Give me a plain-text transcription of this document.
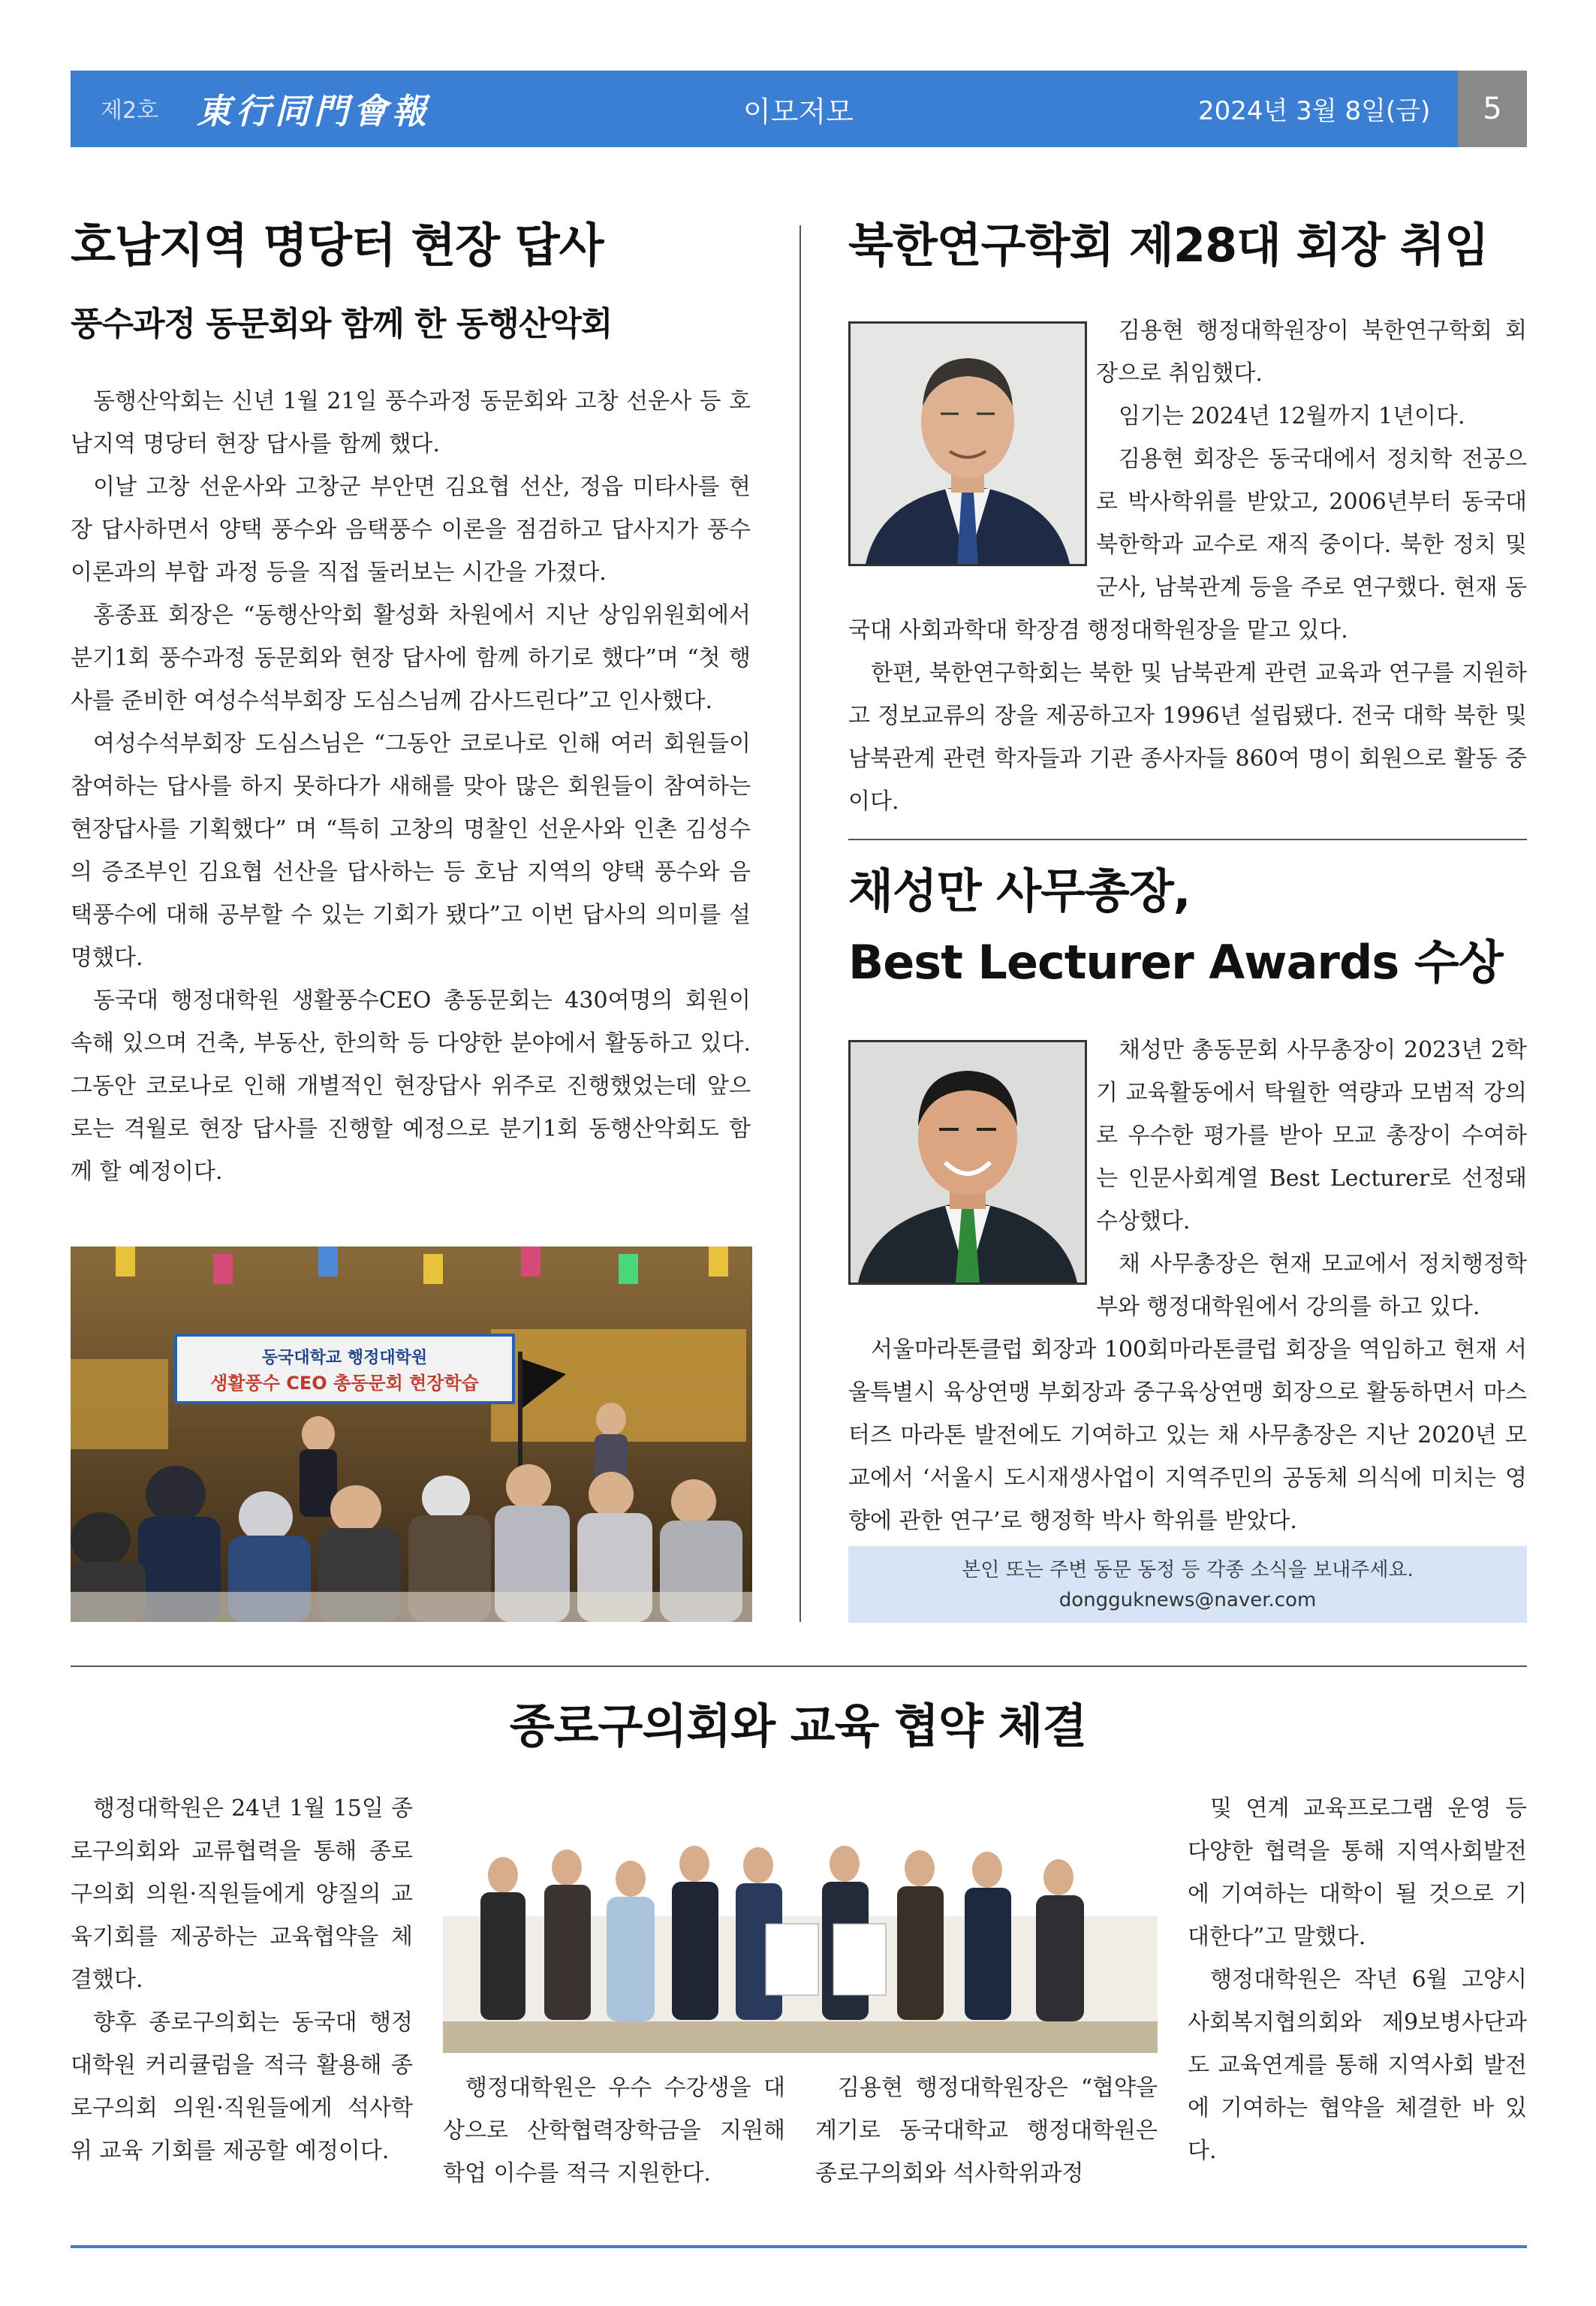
제2호 東行同門會報	이모저모	2024년 3월 8일(금)	5
호남지역 명당터 현장 답사
풍수과정 동문회와 함께 한 동행산악회

동행산악회는 신년 1월 21일 풍수과정 동문회와 고창 선운사 등 호남지역 명당터 현장 답사를 함께 했다.

이날 고창 선운사와 고창군 부안면 김요협 선산, 정읍 미타사를 현장 답사하면서 양택 풍수와 음택풍수 이론을 점검하고 답사지가 풍수이론과의 부합 과정 등을 직접 둘러보는 시간을 가졌다.

홍종표 회장은 “동행산악회 활성화 차원에서 지난 상임위원회에서 분기1회 풍수과정 동문회와 현장 답사에 함께 하기로 했다”며 “첫 행사를 준비한 여성수석부회장 도심스님께 감사드린다”고 인사했다.

여성수석부회장 도심스님은 “그동안 코로나로 인해 여러 회원들이 참여하는 답사를 하지 못하다가 새해를 맞아 많은 회원들이 참여하는 현장답사를 기획했다” 며 “특히 고창의 명찰인 선운사와 인촌 김성수의 증조부인 김요협 선산을 답사하는 등 호남 지역의 양택 풍수와 음택풍수에 대해 공부할 수 있는 기회가 됐다”고 이번 답사의 의미를 설명했다.

동국대 행정대학원 생활풍수CEO 총동문회는 430여명의 회원이 속해 있으며 건축, 부동산, 한의학 등 다양한 분야에서 활동하고 있다. 그동안 코로나로 인해 개별적인 현장답사 위주로 진행했었는데 앞으로는 격월로 현장 답사를 진행할 예정으로 분기1회 동행산악회도 함께 할 예정이다.

동국대학교 행정대학원
생활풍수 CEO 총동문회 현장학습
북한연구학회 제28대 회장 취임

김용현 행정대학원장이 북한연구학회 회장으로 취임했다.

임기는 2024년 12월까지 1년이다.

김용현 회장은 동국대에서 정치학 전공으로 박사학위를 받았고, 2006년부터 동국대 북한학과 교수로 재직 중이다. 북한 정치 및 군사, 남북관계 등을 주로 연구했다. 현재 동국대 사회과학대 학장겸 행정대학원장을 맡고 있다.

한편, 북한연구학회는 북한 및 남북관계 관련 교육과 연구를 지원하고 정보교류의 장을 제공하고자 1996년 설립됐다. 전국 대학 북한 및 남북관계 관련 학자들과 기관 종사자들 860여 명이 회원으로 활동 중이다.

채성만 사무총장,
Best Lecturer Awards 수상

채성만 총동문회 사무총장이 2023년 2학기 교육활동에서 탁월한 역량과 모범적 강의로 우수한 평가를 받아 모교 총장이 수여하는 인문사회계열 Best Lecturer로 선정돼 수상했다.

채 사무총장은 현재 모교에서 정치행정학부와 행정대학원에서 강의를 하고 있다.

서울마라톤클럽 회장과 100회마라톤클럽 회장을 역임하고 현재 서울특별시 육상연맹 부회장과 중구육상연맹 회장으로 활동하면서 마스터즈 마라톤 발전에도 기여하고 있는 채 사무총장은 지난 2020년 모교에서 ‘서울시 도시재생사업이 지역주민의 공동체 의식에 미치는 영향에 관한 연구’로 행정학 박사 학위를 받았다.

본인 또는 주변 동문 동정 등 각종 소식을 보내주세요.
dongguknews@naver.com
종로구의회와 교육 협약 체결

행정대학원은 24년 1월 15일 종로구의회와 교류협력을 통해 종로구의회 의원·직원들에게 양질의 교육기회를 제공하는 교육협약을 체결했다.

향후 종로구의회는 동국대 행정대학원 커리큘럼을 적극 활용해 종로구의회 의원·직원들에게 석사학위 교육 기회를 제공할 예정이다.

행정대학원은 우수 수강생을 대상으로 산학협력장학금을 지원해 학업 이수를 적극 지원한다.

김용현 행정대학원장은 “협약을 계기로 동국대학교 행정대학원은 종로구의회와 석사학위과정

및 연계 교육프로그램 운영 등 다양한 협력을 통해 지역사회발전에 기여하는 대학이 될 것으로 기대한다”고 말했다.

행정대학원은 작년 6월 고양시 사회복지협의회와 제9보병사단과도 교육연계를 통해 지역사회 발전에 기여하는 협약을 체결한 바 있다.
